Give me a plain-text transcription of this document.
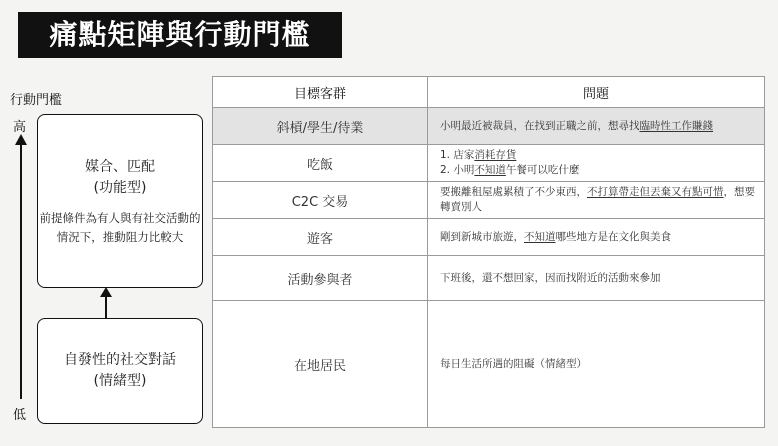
痛點矩陣與行動門檻
行動門檻
高
低
媒合、匹配
(功能型)
前提條件為有人與有社交活動的
情況下，推動阻力比較大
自發性的社交對話
(情緒型)
目標客群	問題
斜槓/學生/待業	小明最近被裁員，在找到正職之前，想尋找臨時性工作賺錢
吃飯	1. 店家消耗存貨
2. 小明不知道午餐可以吃什麼

C2C 交易	要搬離租屋處累積了不少東西，不打算帶走但丟棄又有點可惜，想要轉賣別人
遊客	剛到新城市旅遊，不知道哪些地方是在文化與美食
活動參與者	下班後，還不想回家，因而找附近的活動來參加
在地居民	每日生活所遇的阻礙（情緒型）
